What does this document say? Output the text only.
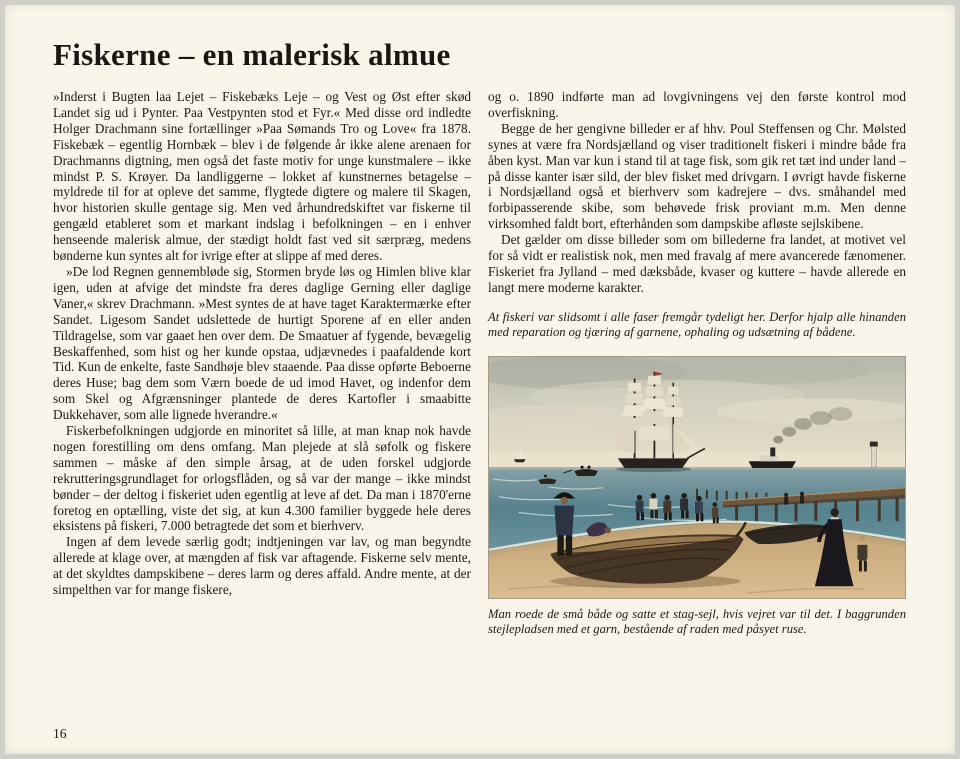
Fiskerne – en malerisk almue

»Inderst i Bugten laa Lejet – Fiskebæks Leje – og Vest og Øst efter skød Landet sig ud i Pynter. Paa Vestpynten stod et Fyr.« Med disse ord indledte Holger Drachmann sine fortællinger »Paa Sømands Tro og Love« fra 1878. Fiskebæk – egentlig Hornbæk – blev i de følgende år ikke alene arenaen for Drachmanns digtning, men også det faste motiv for unge kunstmalere – ikke mindst P. S. Krøyer. Da landliggerne – lokket af kunstnernes betagelse – myldrede til for at opleve det samme, flygtede digtere og malere til Skagen, hvor historien skulle gentage sig. Men ved århundredskiftet var fiskerne til gengæld etableret som et markant indslag i befolkningen – en i enhver henseende malerisk almue, der stædigt holdt fast ved sit særpræg, medens bønderne kun syntes alt for ivrige efter at slippe af med deres.

»De lod Regnen gennembløde sig, Stormen bryde løs og Himlen blive klar igen, uden at afvige det mindste fra deres daglige Gerning eller daglige Vaner,« skrev Drachmann. »Mest syntes de at have taget Karaktermærke efter Sandet. Ligesom Sandet udslettede de hurtigt Sporene af en eller anden Tildragelse, som var gaaet hen over dem. De Smaatuer af fygende, bevægelig Beskaffenhed, som hist og her kunde opstaa, udjævnedes i paafaldende kort Tid. Kun de enkelte, faste Sandhøje blev staaende. Paa disse opførte Beboerne deres Huse; bag dem som Værn boede de ud imod Havet, og indenfor dem som Skel og Afgrænsninger plantede de deres Kartofler i smaabitte Dukkehaver, som alle lignede hverandre.«

Fiskerbefolkningen udgjorde en minoritet så lille, at man knap nok havde nogen forestilling om dens omfang. Man plejede at slå søfolk og fiskere sammen – måske af den simple årsag, at de uden forskel udgjorde rekrutteringsgrundlaget for orlogsflåden, og så var der mange – ikke mindst bønder – der deltog i fiskeriet uden egentlig at leve af det. Da man i 1870'erne foretog en optælling, viste det sig, at kun 4.300 familier byggede hele deres eksistens på fiskeri, 7.000 betragtede det som et bierhverv.

Ingen af dem levede særlig godt; indtjeningen var lav, og man begyndte allerede at klage over, at mængden af fisk var aftagende. Fiskerne selv mente, at det skyldtes dampskibene – deres larm og deres affald. Andre mente, at der simpelthen var for mange fiskere,

og o. 1890 indførte man ad lovgivningens vej den første kontrol mod overfiskning.

Begge de her gengivne billeder er af hhv. Poul Steffensen og Chr. Mølsted synes at være fra Nordsjælland og viser traditionelt fiskeri i mindre både fra åben kyst. Man var kun i stand til at tage fisk, som gik ret tæt ind under land – på disse kanter især sild, der blev fisket med drivgarn. I øvrigt havde fiskerne i Nordsjælland også et bierhverv som kadrejere – dvs. småhandel med forbipasserende skibe, som behøvede frisk proviant m.m. Men denne virksomhed faldt bort, efterhånden som dampskibe afløste sejlskibene.

Det gælder om disse billeder som om billederne fra landet, at motivet vel for så vidt er realistisk nok, men med fravalg af mere avancerede fænomener. Fiskeriet fra Jylland – med dæksbåde, kvaser og kuttere – havde allerede en langt mere moderne karakter.

At fiskeri var slidsomt i alle faser fremgår tydeligt her. Derfor hjalp alle hinanden med reparation og tjæring af garnene, ophaling og udsætning af bådene.

Man roede de små både og satte et stag-sejl, hvis vejret var til det. I baggrunden stejlepladsen med et garn, bestående af raden med påsyet ruse.
16
